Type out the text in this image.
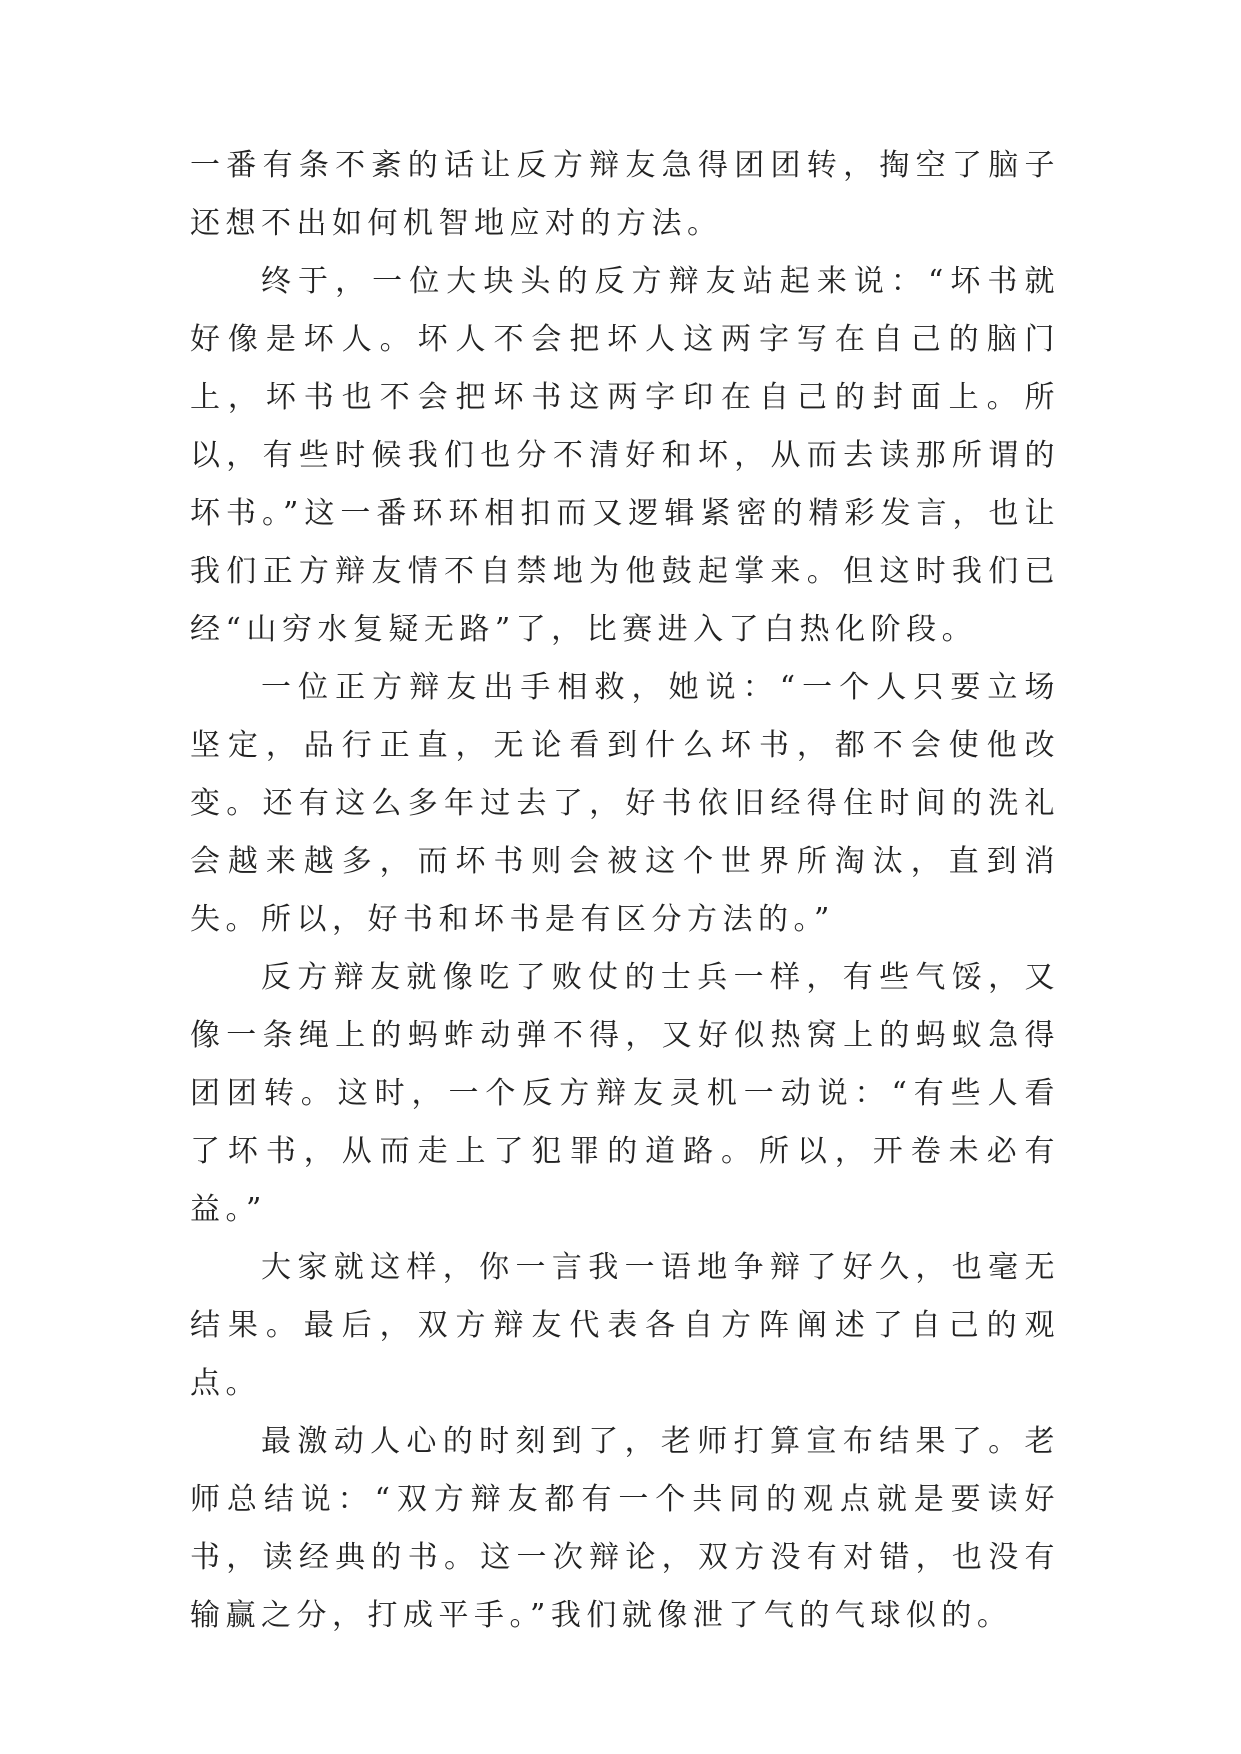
一番有条不紊的话让反方辩友急得团团转，掏空了脑子还想不出如何机智地应对的方法。

终于，一位大块头的反方辩友站起来说：“坏书就好像是坏人。坏人不会把坏人这两字写在自己的脑门上，坏书也不会把坏书这两字印在自己的封面上。所以，有些时候我们也分不清好和坏，从而去读那所谓的坏书。”这一番环环相扣而又逻辑紧密的精彩发言，也让我们正方辩友情不自禁地为他鼓起掌来。但这时我们已经“山穷水复疑无路”了，比赛进入了白热化阶段。

一位正方辩友出手相救，她说：“一个人只要立场坚定，品行正直，无论看到什么坏书，都不会使他改变。还有这么多年过去了，好书依旧经得住时间的洗礼会越来越多，而坏书则会被这个世界所淘汰，直到消失。所以，好书和坏书是有区分方法的。”

反方辩友就像吃了败仗的士兵一样，有些气馁，又像一条绳上的蚂蚱动弹不得，又好似热窝上的蚂蚁急得团团转。这时，一个反方辩友灵机一动说：“有些人看了坏书，从而走上了犯罪的道路。所以，开卷未必有益。”

大家就这样，你一言我一语地争辩了好久，也毫无结果。最后，双方辩友代表各自方阵阐述了自己的观点。

最激动人心的时刻到了，老师打算宣布结果了。老师总结说：“双方辩友都有一个共同的观点就是要读好书，读经典的书。这一次辩论，双方没有对错，也没有输赢之分，打成平手。”我们就像泄了气的气球似的。
